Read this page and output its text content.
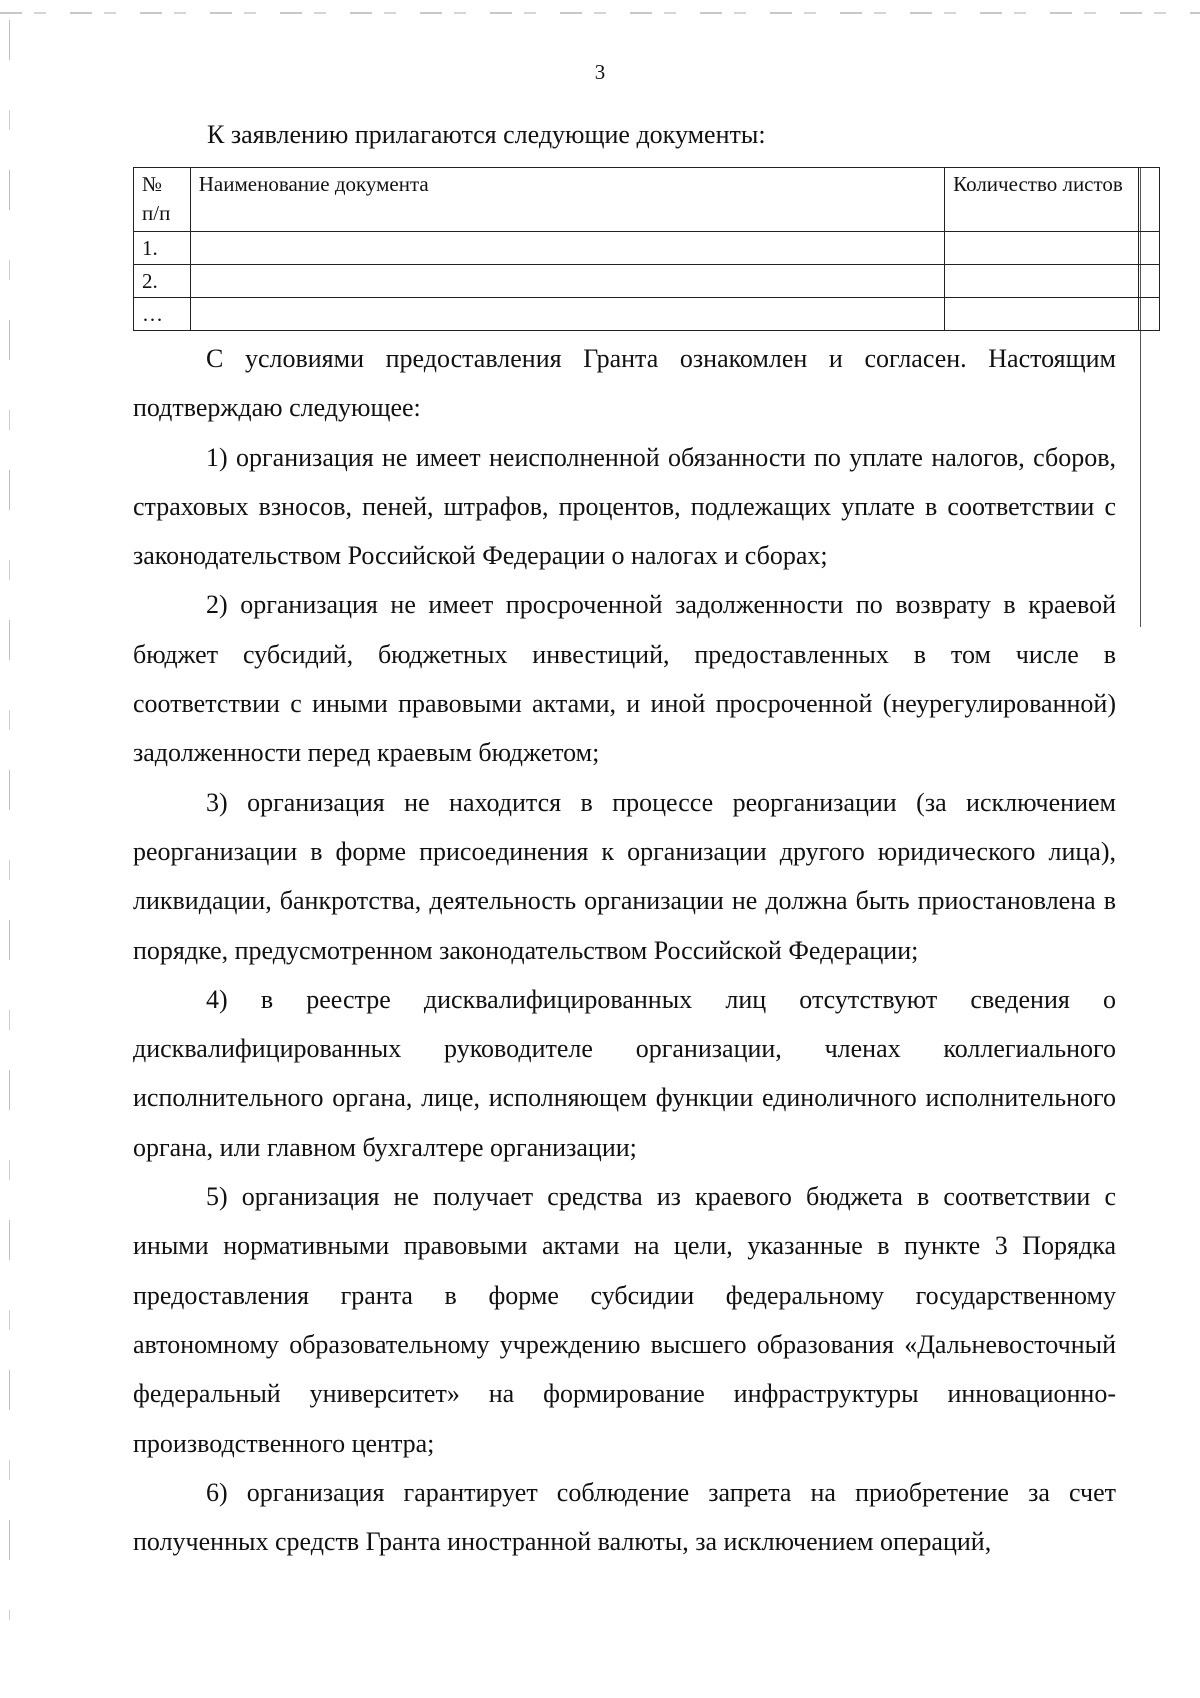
3
К заявлению прилагаются следующие документы:
№ п/п	Наименование документа	Количество листов	
1.			
2.			
…			

С условиями предоставления Гранта ознакомлен и согласен. Настоящим подтверждаю следующее:

1) организация не имеет неисполненной обязанности по уплате налогов, сборов, страховых взносов, пеней, штрафов, процентов, подлежащих уплате в соответствии с законодательством Российской Федерации о налогах и сборах;

2) организация не имеет просроченной задолженности по возврату в краевой бюджет субсидий, бюджетных инвестиций, предоставленных в том числе в соответствии с иными правовыми актами, и иной просроченной (неурегулированной) задолженности перед краевым бюджетом;

3) организация не находится в процессе реорганизации (за исключением реорганизации в форме присоединения к организации другого юридического лица), ликвидации, банкротства, деятельность организации не должна быть приостановлена в порядке, предусмотренном законодательством Российской Федерации;

4) в реестре дисквалифицированных лиц отсутствуют сведения о дисквалифицированных руководителе организации, членах коллегиального исполнительного органа, лице, исполняющем функции единоличного исполнительного органа, или главном бухгалтере организации;

5) организация не получает средства из краевого бюджета в соответствии с иными нормативными правовыми актами на цели, указанные в пункте 3 Порядка предоставления гранта в форме субсидии федеральному государственному автономному образовательному учреждению высшего образования «Дальневосточный федеральный университет» на формирование инфраструктуры инновационно-производственного центра;

6) организация гарантирует соблюдение запрета на приобретение за счет полученных средств Гранта иностранной валюты, за исключением операций,
